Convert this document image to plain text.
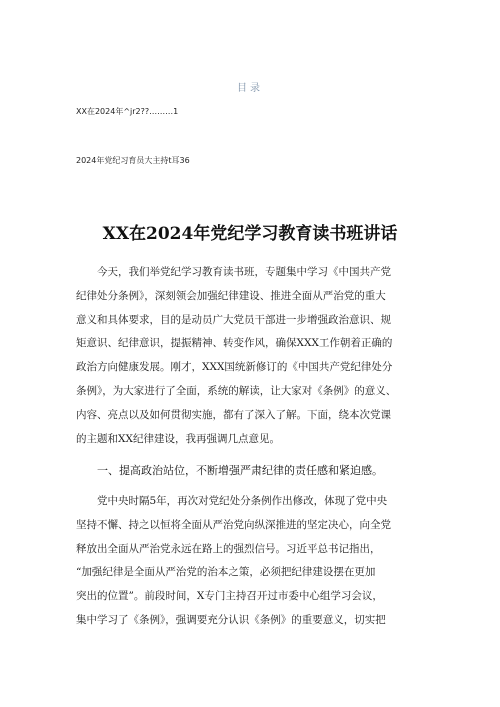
目录
XX在2024年^jr2??………1
2024年党纪习育员大主持t耳36
XX在2024年党纪学习教育读书班讲话
今天，我们举党纪学习教育读书班，专题集中学习《中国共产党
纪律处分条例》，深刻领会加强纪律建设、推进全面从严治党的重大
意义和具体要求，目的是动员广大党员干部进一步增强政治意识、规
矩意识、纪律意识，提振精神、转变作风，确保XXX工作朝着正确的
政治方向健康发展。刚才，XXX国统新修订的《中国共产党纪律处分
条例》，为大家进行了全面，系统的解读，让大家对《条例》的意义、
内容、亮点以及如何贯彻实施，都有了深入了解。下面，绕本次党课
的主题和XX纪律建设，我再强调几点意见。
一、提高政治站位，不断增强严肃纪律的责任感和紧迫感。
党中央时隔5年，再次对党纪处分条例作出修改，体现了党中央
坚持不懈、持之以恒将全面从严治党向纵深推进的坚定决心，向全党
释放出全面从严治党永远在路上的强烈信号。习近平总书记指出，
“加强纪律是全面从严治党的治本之策，必须把纪律建设摆在更加
突出的位置”。前段时间，X专门主持召开过市委中心组学习会议，
集中学习了《条例》，强调要充分认识《条例》的重要意义，切实把
